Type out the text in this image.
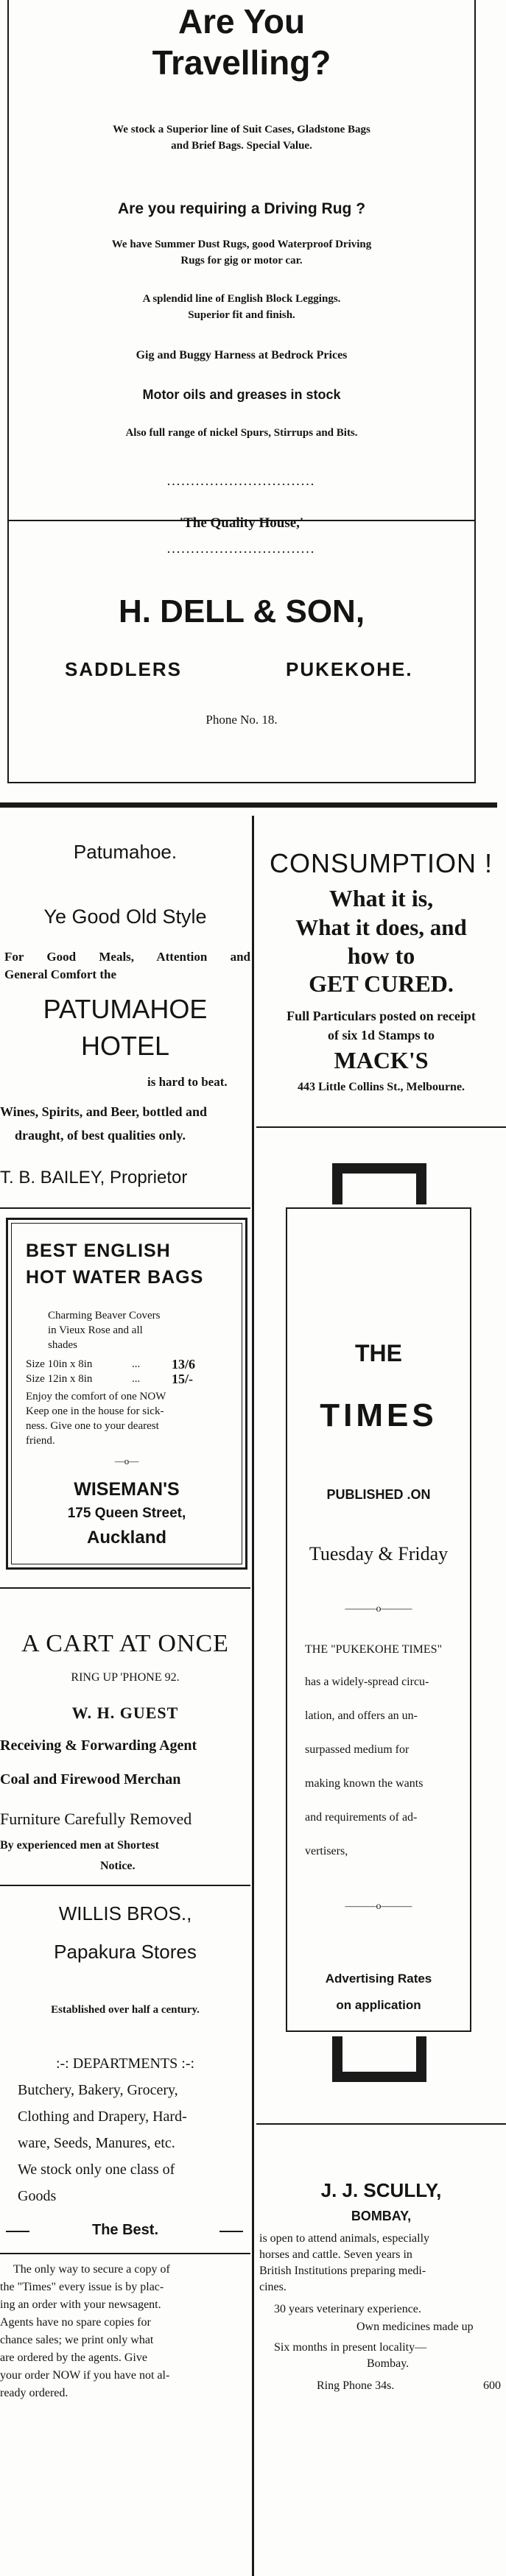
Are You
Travelling?
We stock a Superior line of Suit Cases, Gladstone Bags
and Brief Bags. Special Value.
Are you requiring a Driving Rug ?
We have Summer Dust Rugs, good Waterproof Driving
Rugs for gig or motor car.
A splendid line of English Block Leggings.
Superior fit and finish.
Gig and Buggy Harness at Bedrock Prices
Motor oils and greases in stock
Also full range of nickel Spurs, Stirrups and Bits.
...............................
'The Quality House,'
...............................
H. DELL & SON,
SADDLERS	PUKEKOHE.
Phone No. 18.
Patumahoe.
Ye Good Old Style
For Good Meals, Attention and
General Comfort the
PATUMAHOE
HOTEL
is hard to beat.
Wines, Spirits, and Beer, bottled and
draught, of best qualities only.
T. B. BAILEY, Proprietor
CONSUMPTION !
What it is,
What it does, and
how to
GET CURED.
Full Particulars posted on receipt
of six 1d Stamps to
MACK'S
443 Little Collins St., Melbourne.
THE
TIMES
PUBLISHED .ON
Tuesday & Friday
———o———
THE "PUKEKOHE TIMES"
has a widely-spread circu-
lation, and offers an un-
surpassed medium for
making known the wants
and requirements of ad-
vertisers,
———o———
Advertising Rates
on application
BEST ENGLISH
HOT WATER BAGS
Charming Beaver Covers
in Vieux Rose and all
shades
Size 10in x 8in	... 13/6
Size 12in x 8in	... 15/-
Enjoy the comfort of one NOW
Keep one in the house for sick-
ness. Give one to your dearest
friend.
—o—
WISEMAN'S
175 Queen Street,
Auckland
A CART AT ONCE
RING UP 'PHONE 92.
W. H. GUEST
Receiving & Forwarding Agent
Coal and Firewood Merchan
Furniture Carefully Removed
By experienced men at Shortest
Notice.
WILLIS BROS.,
Papakura Stores
Established over half a century.
:-: DEPARTMENTS :-:
Butchery, Bakery, Grocery,
Clothing and Drapery, Hard-
ware, Seeds, Manures, etc.
We stock only one class of
Goods
The Best.
The only way to secure a copy of
the "Times" every issue is by plac-
ing an order with your newsagent.
Agents have no spare copies for
chance sales; we print only what
are ordered by the agents. Give
your order NOW if you have not al-
ready ordered.
J. J. SCULLY,
BOMBAY,
is open to attend animals, especially
horses and cattle. Seven years in
British Institutions preparing medi-
cines.
30 years veterinary experience.
Own medicines made up
Six months in present locality—
Bombay.
Ring Phone 34s.	600
